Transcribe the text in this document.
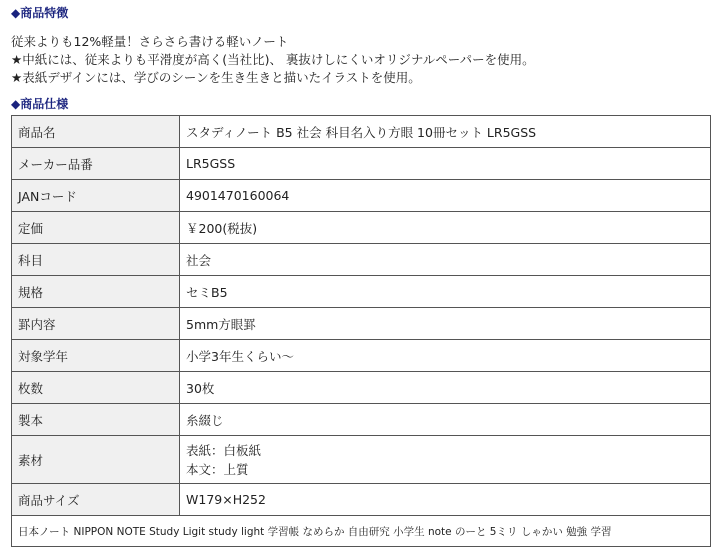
◆商品特徴
従来よりも12%軽量！さらさら書ける軽いノート
★中紙には、従来よりも平滑度が高く(当社比)、 裏抜けしにくいオリジナルペーパーを使用。
★表紙デザインには、学びのシーンを生き生きと描いたイラストを使用。
◆商品仕様
商品名	スタディノート B5 社会 科目名入り方眼 10冊セット LR5GSS
メーカー品番	LR5GSS
JANコード	4901470160064
定価	￥200(税抜)
科目	社会
規格	セミB5
罫内容	5mm方眼罫
対象学年	小学3年生くらい～
枚数	30枚
製本	糸綴じ
素材	表紙：白板紙
本文：上質

商品サイズ	W179×H252
日本ノート NIPPON NOTE Study Ligit study light 学習帳 なめらか 自由研究 小学生 note のーと 5ミリ しゃかい 勉強 学習	
